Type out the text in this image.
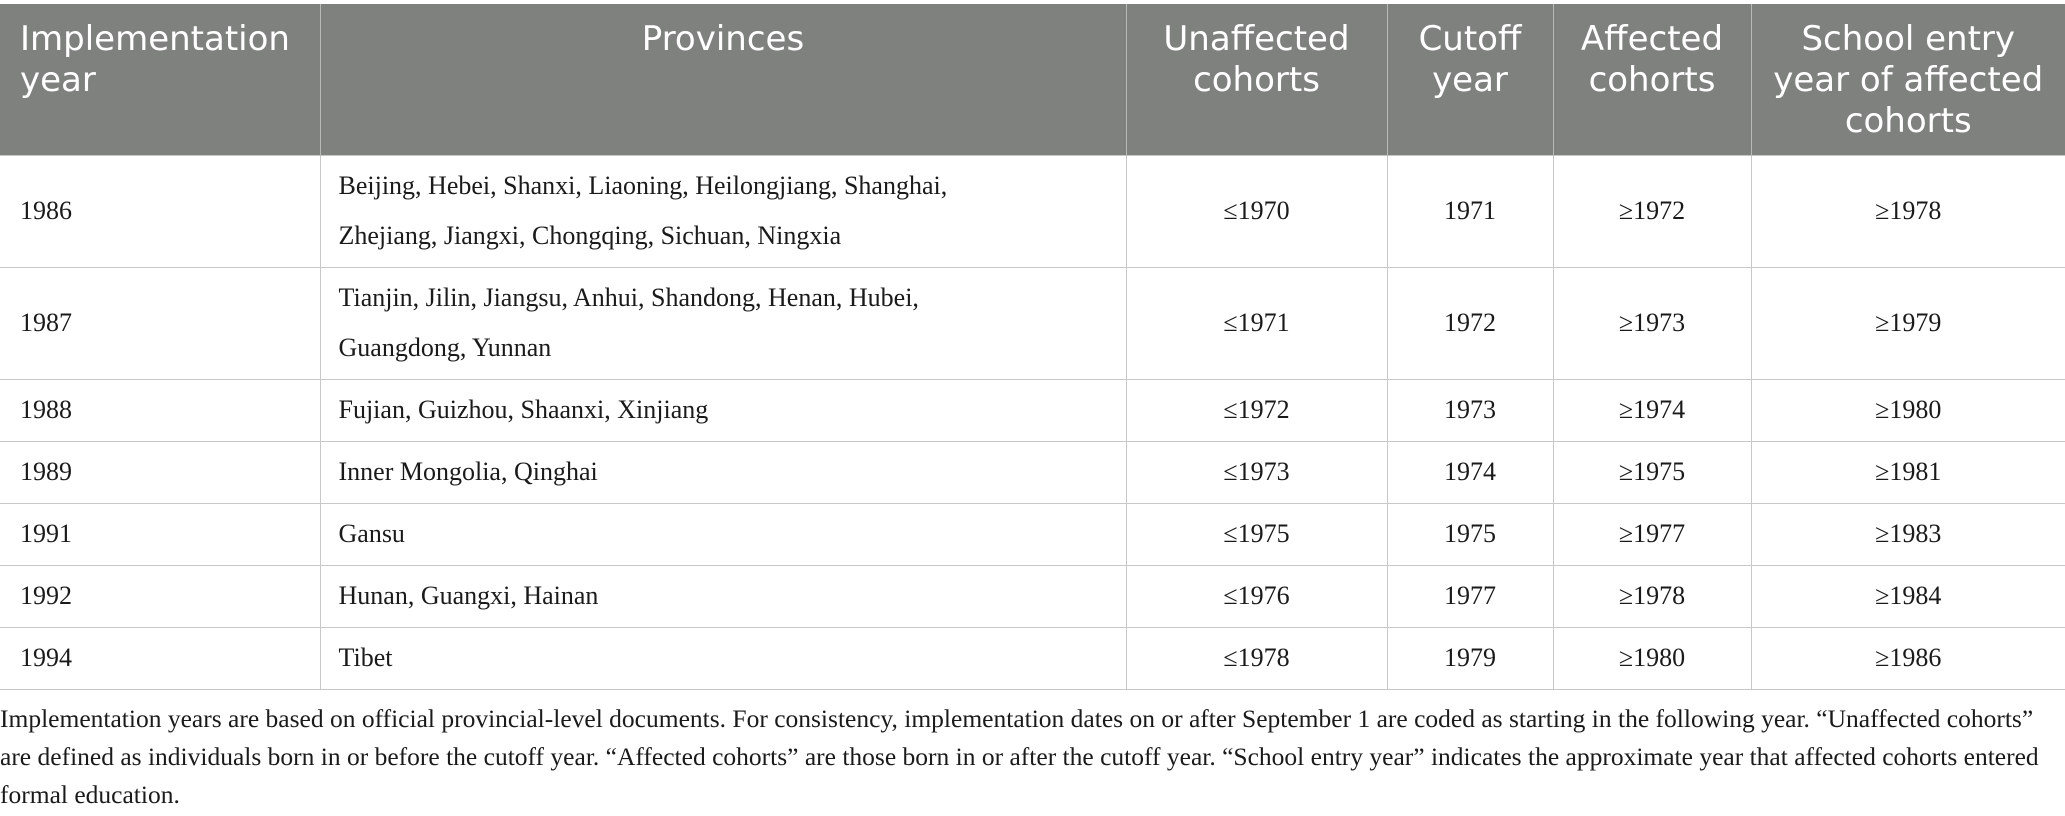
Implementation year	Provinces	Unaffected cohorts	Cutoff year	Affected cohorts	School entry year of affected cohorts
1986	Beijing, Hebei, Shanxi, Liaoning, Heilongjiang, Shanghai,
Zhejiang, Jiangxi, Chongqing, Sichuan, Ningxia	≤1970	1971	≥1972	≥1978
1987	Tianjin, Jilin, Jiangsu, Anhui, Shandong, Henan, Hubei,
Guangdong, Yunnan	≤1971	1972	≥1973	≥1979
1988	Fujian, Guizhou, Shaanxi, Xinjiang	≤1972	1973	≥1974	≥1980
1989	Inner Mongolia, Qinghai	≤1973	1974	≥1975	≥1981
1991	Gansu	≤1975	1975	≥1977	≥1983
1992	Hunan, Guangxi, Hainan	≤1976	1977	≥1978	≥1984
1994	Tibet	≤1978	1979	≥1980	≥1986

Implementation years are based on official provincial-level documents. For consistency, implementation dates on or after September 1 are coded as starting in the following year. “Unaffected cohorts” are defined as individuals born in or before the cutoff year. “Affected cohorts” are those born in or after the cutoff year. “School entry year” indicates the approximate year that affected cohorts entered formal education.
